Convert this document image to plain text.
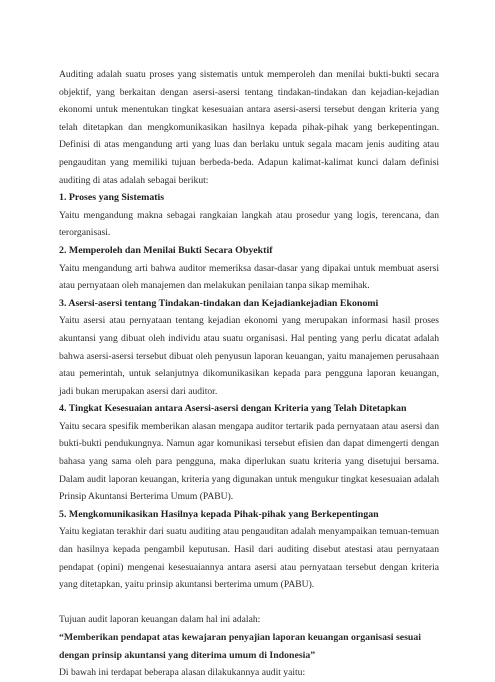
Auditing adalah suatu proses yang sistematis untuk memperoleh dan menilai bukti-bukti secara objektif, yang berkaitan dengan asersi-asersi tentang tindakan-tindakan dan kejadian-kejadian ekonomi untuk menentukan tingkat kesesuaian antara asersi-asersi tersebut dengan kriteria yang telah ditetapkan dan mengkomunikasikan hasilnya kepada pihak-pihak yang berkepentingan. Definisi di atas mengandung arti yang luas dan berlaku untuk segala macam jenis auditing atau pengauditan yang memiliki tujuan berbeda-beda. Adapun kalimat-kalimat kunci dalam definisi auditing di atas adalah sebagai berikut:

1. Proses yang Sistematis

Yaitu mengandung makna sebagai rangkaian langkah atau prosedur yang logis, terencana, dan terorganisasi.

2. Memperoleh dan Menilai Bukti Secara Obyektif

Yaitu mengandung arti bahwa auditor memeriksa dasar-dasar yang dipakai untuk membuat asersi atau pernyataan oleh manajemen dan melakukan penilaian tanpa sikap memihak.

3. Asersi-asersi tentang Tindakan-tindakan dan Kejadiankejadian Ekonomi

Yaitu asersi atau pernyataan tentang kejadian ekonomi yang merupakan informasi hasil proses akuntansi yang dibuat oleh individu atau suatu organisasi. Hal penting yang perlu dicatat adalah bahwa asersi-asersi tersebut dibuat oleh penyusun laporan keuangan, yaitu manajemen perusahaan atau pemerintah, untuk selanjutnya dikomunikasikan kepada para pengguna laporan keuangan, jadi bukan merupakan asersi dari auditor.

4. Tingkat Kesesuaian antara Asersi-asersi dengan Kriteria yang Telah Ditetapkan

Yaitu secara spesifik memberikan alasan mengapa auditor tertarik pada pernyataan atau asersi dan bukti-bukti pendukungnya. Namun agar komunikasi tersebut efisien dan dapat dimengerti dengan bahasa yang sama oleh para pengguna, maka diperlukan suatu kriteria yang disetujui bersama. Dalam audit laporan keuangan, kriteria yang digunakan untuk mengukur tingkat kesesuaian adalah Prinsip Akuntansi Berterima Umum (PABU).

5. Mengkomunikasikan Hasilnya kepada Pihak-pihak yang Berkepentingan

Yaitu kegiatan terakhir dari suatu auditing atau pengauditan adalah menyampaikan temuan-temuan dan hasilnya kepada pengambil keputusan. Hasil dari auditing disebut atestasi atau pernyataan pendapat (opini) mengenai kesesuaiannya antara asersi atau pernyataan tersebut dengan kriteria yang ditetapkan, yaitu prinsip akuntansi berterima umum (PABU).

Tujuan audit laporan keuangan dalam hal ini adalah:

“Memberikan pendapat atas kewajaran penyajian laporan keuangan organisasi sesuai dengan prinsip akuntansi yang diterima umum di Indonesia”

Di bawah ini terdapat beberapa alasan dilakukannya audit yaitu:
